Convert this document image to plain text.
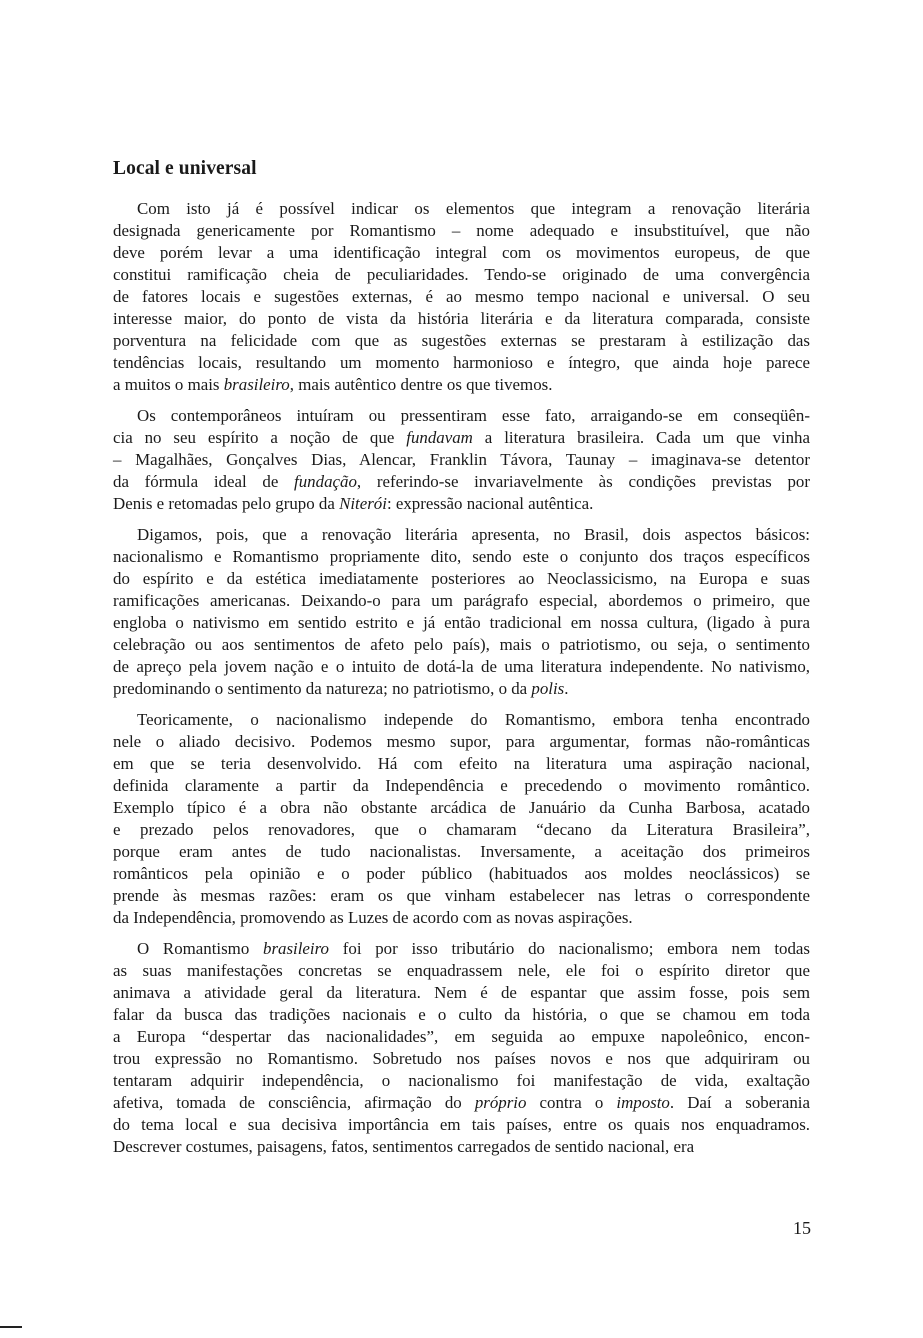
Local e universal

Com isto já é possível indicar os elementos que integram a renovação literária
designada genericamente por Romantismo – nome adequado e insubstituível, que não
deve porém levar a uma identificação integral com os movimentos europeus, de que
constitui ramificação cheia de peculiaridades. Tendo-se originado de uma convergência
de fatores locais e sugestões externas, é ao mesmo tempo nacional e universal. O seu
interesse maior, do ponto de vista da história literária e da literatura comparada, consiste
porventura na felicidade com que as sugestões externas se prestaram à estilização das
tendências locais, resultando um momento harmonioso e íntegro, que ainda hoje parece
a muitos o mais brasileiro, mais autêntico dentre os que tivemos.

Os contemporâneos intuíram ou pressentiram esse fato, arraigando-se em conseqüên-
cia no seu espírito a noção de que fundavam a literatura brasileira. Cada um que vinha
– Magalhães, Gonçalves Dias, Alencar, Franklin Távora, Taunay – imaginava-se detentor
da fórmula ideal de fundação, referindo-se invariavelmente às condições previstas por
Denis e retomadas pelo grupo da Niterói: expressão nacional autêntica.

Digamos, pois, que a renovação literária apresenta, no Brasil, dois aspectos básicos:
nacionalismo e Romantismo propriamente dito, sendo este o conjunto dos traços específicos
do espírito e da estética imediatamente posteriores ao Neoclassicismo, na Europa e suas
ramificações americanas. Deixando-o para um parágrafo especial, abordemos o primeiro, que
engloba o nativismo em sentido estrito e já então tradicional em nossa cultura, (ligado à pura
celebração ou aos sentimentos de afeto pelo país), mais o patriotismo, ou seja, o sentimento
de apreço pela jovem nação e o intuito de dotá-la de uma literatura independente. No nativismo,
predominando o sentimento da natureza; no patriotismo, o da polis.

Teoricamente, o nacionalismo independe do Romantismo, embora tenha encontrado
nele o aliado decisivo. Podemos mesmo supor, para argumentar, formas não-românticas
em que se teria desenvolvido. Há com efeito na literatura uma aspiração nacional,
definida claramente a partir da Independência e precedendo o movimento romântico.
Exemplo típico é a obra não obstante arcádica de Januário da Cunha Barbosa, acatado
e prezado pelos renovadores, que o chamaram “decano da Literatura Brasileira”,
porque eram antes de tudo nacionalistas. Inversamente, a aceitação dos primeiros
românticos pela opinião e o poder público (habituados aos moldes neoclássicos) se
prende às mesmas razões: eram os que vinham estabelecer nas letras o correspondente
da Independência, promovendo as Luzes de acordo com as novas aspirações.

O Romantismo brasileiro foi por isso tributário do nacionalismo; embora nem todas
as suas manifestações concretas se enquadrassem nele, ele foi o espírito diretor que
animava a atividade geral da literatura. Nem é de espantar que assim fosse, pois sem
falar da busca das tradições nacionais e o culto da história, o que se chamou em toda
a Europa “despertar das nacionalidades”, em seguida ao empuxe napoleônico, encon-
trou expressão no Romantismo. Sobretudo nos países novos e nos que adquiriram ou
tentaram adquirir independência, o nacionalismo foi manifestação de vida, exaltação
afetiva, tomada de consciência, afirmação do próprio contra o imposto. Daí a soberania
do tema local e sua decisiva importância em tais países, entre os quais nos enquadramos.
Descrever costumes, paisagens, fatos, sentimentos carregados de sentido nacional, era

15
